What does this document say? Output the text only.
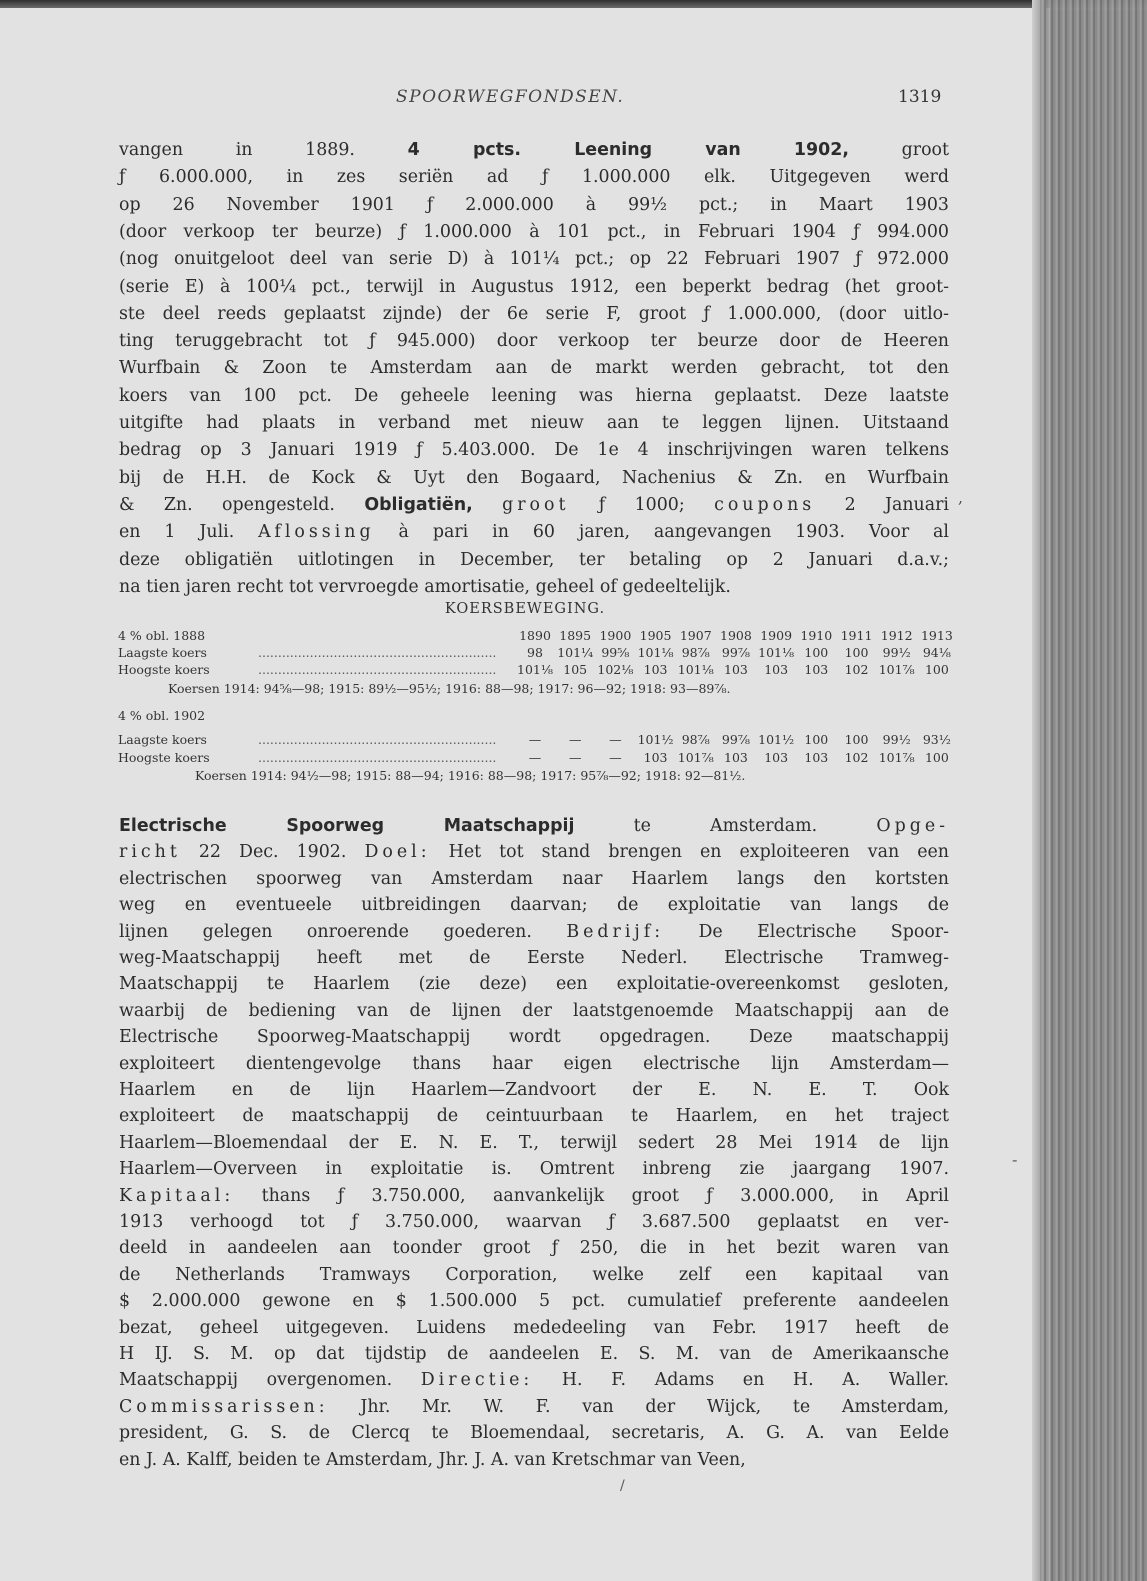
SPOORWEGFONDSEN.	1319
vangen in 1889. 4 pcts. Leening van 1902, groot
ƒ 6.000.000, in zes seriën ad ƒ 1.000.000 elk. Uitgegeven werd
op 26 November 1901 ƒ 2.000.000 à 99½ pct.; in Maart 1903
(door verkoop ter beurze) ƒ 1.000.000 à 101 pct., in Februari 1904 ƒ 994.000
(nog onuitgeloot deel van serie D) à 101¼ pct.; op 22 Februari 1907 ƒ 972.000
(serie E) à 100¼ pct., terwijl in Augustus 1912, een beperkt bedrag (het groot-
ste deel reeds geplaatst zijnde) der 6e serie F, groot ƒ 1.000.000, (door uitlo-
ting teruggebracht tot ƒ 945.000) door verkoop ter beurze door de Heeren
Wurfbain & Zoon te Amsterdam aan de markt werden gebracht, tot den
koers van 100 pct. De geheele leening was hierna geplaatst. Deze laatste
uitgifte had plaats in verband met nieuw aan te leggen lijnen. Uitstaand
bedrag op 3 Januari 1919 ƒ 5.403.000. De 1e 4 inschrijvingen waren telkens
bij de H.H. de Kock & Uyt den Bogaard, Nachenius & Zn. en Wurfbain
& Zn. opengesteld. Obligatiën, groot ƒ 1000; coupons 2 Januari
en 1 Juli. Aflossing à pari in 60 jaren, aangevangen 1903. Voor al
deze obligatiën uitlotingen in December, ter betaling op 2 Januari d.a.v.;
na tien jaren recht tot vervroegde amortisatie, geheel of gedeeltelijk.
KOERSBEWEGING.
4 % obl. 1888	1890 1895 1900 1905 1907 1908 1909 1910 1911 1912 1913
Laagste koers	............................................................	98	101¼ 99⅝ 101⅛ 98⅞ 99⅞ 101⅛ 100	100	99½ 94⅛
Hoogste koers	............................................................	101⅛ 105 102⅛ 103 101⅛ 103	103	103	102 101⅞ 100
Koersen 1914: 94⅝—98; 1915: 89½—95½; 1916: 88—98; 1917: 96—92; 1918: 93—89⅞.
4 % obl. 1902
Laagste koers	............................................................	—	—	—	101½ 98⅞ 99⅞ 101½ 100	100	99½ 93½
Hoogste koers	............................................................	—	—	—	103 101⅞ 103	103	103	102 101⅞ 100
Koersen 1914: 94½—98; 1915: 88—94; 1916: 88—98; 1917: 95⅞—92; 1918: 92—81½.
Electrische Spoorweg Maatschappij te Amsterdam. Opge-
richt 22 Dec. 1902. Doel: Het tot stand brengen en exploiteeren van een
electrischen spoorweg van Amsterdam naar Haarlem langs den kortsten
weg en eventueele uitbreidingen daarvan; de exploitatie van langs de
lijnen gelegen onroerende goederen. Bedrijf: De Electrische Spoor-
weg-Maatschappij heeft met de Eerste Nederl. Electrische Tramweg-
Maatschappij te Haarlem (zie deze) een exploitatie-overeenkomst gesloten,
waarbij de bediening van de lijnen der laatstgenoemde Maatschappij aan de
Electrische Spoorweg-Maatschappij wordt opgedragen. Deze maatschappij
exploiteert dientengevolge thans haar eigen electrische lijn Amsterdam—
Haarlem en de lijn Haarlem—Zandvoort der E. N. E. T. Ook
exploiteert de maatschappij de ceintuurbaan te Haarlem, en het traject
Haarlem—Bloemendaal der E. N. E. T., terwijl sedert 28 Mei 1914 de lijn
Haarlem—Overveen in exploitatie is. Omtrent inbreng zie jaargang 1907.
Kapitaal: thans ƒ 3.750.000, aanvankelijk groot ƒ 3.000.000, in April
1913 verhoogd tot ƒ 3.750.000, waarvan ƒ 3.687.500 geplaatst en ver-
deeld in aandeelen aan toonder groot ƒ 250, die in het bezit waren van
de Netherlands Tramways Corporation, welke zelf een kapitaal van
$ 2.000.000 gewone en $ 1.500.000 5 pct. cumulatief preferente aandeelen
bezat, geheel uitgegeven. Luidens mededeeling van Febr. 1917 heeft de
H IJ. S. M. op dat tijdstip de aandeelen E. S. M. van de Amerikaansche
Maatschappij overgenomen. Directie: H. F. Adams en H. A. Waller.
Commissarissen: Jhr. Mr. W. F. van der Wijck, te Amsterdam,
president, G. S. de Clercq te Bloemendaal, secretaris, A. G. A. van Eelde
en J. A. Kalff, beiden te Amsterdam, Jhr. J. A. van Kretschmar van Veen,
,
-
/
